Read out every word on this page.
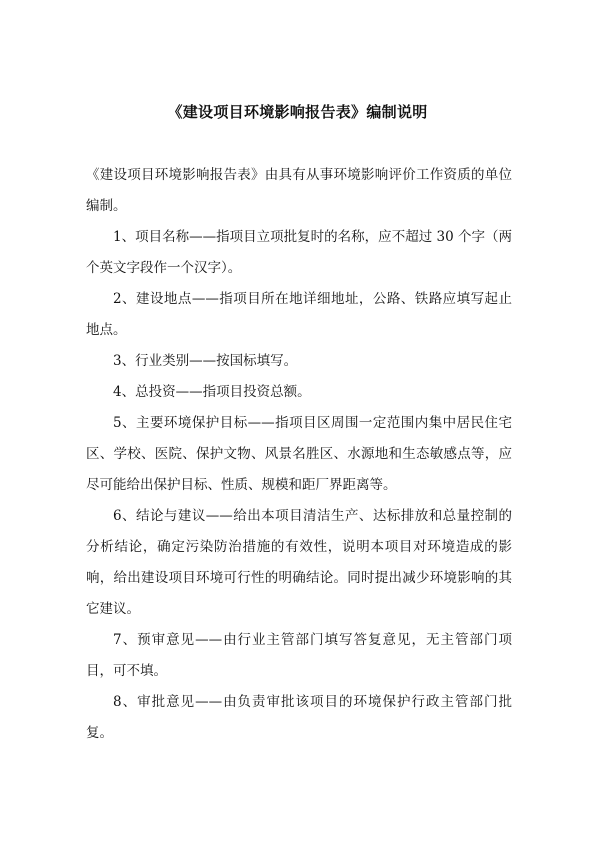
《建设项目环境影响报告表》编制说明

《建设项目环境影响报告表》由具有从事环境影响评价工作资质的单位编制。

1、项目名称——指项目立项批复时的名称，应不超过 30 个字（两个英文字段作一个汉字）。

2、建设地点——指项目所在地详细地址，公路、铁路应填写起止地点。

3、行业类别——按国标填写。

4、总投资——指项目投资总额。

5、主要环境保护目标——指项目区周围一定范围内集中居民住宅区、学校、医院、保护文物、风景名胜区、水源地和生态敏感点等，应尽可能给出保护目标、性质、规模和距厂界距离等。

6、结论与建议——给出本项目清洁生产、达标排放和总量控制的分析结论，确定污染防治措施的有效性，说明本项目对环境造成的影响，给出建设项目环境可行性的明确结论。同时提出减少环境影响的其它建议。

7、预审意见——由行业主管部门填写答复意见，无主管部门项目，可不填。

8、审批意见——由负责审批该项目的环境保护行政主管部门批复。
